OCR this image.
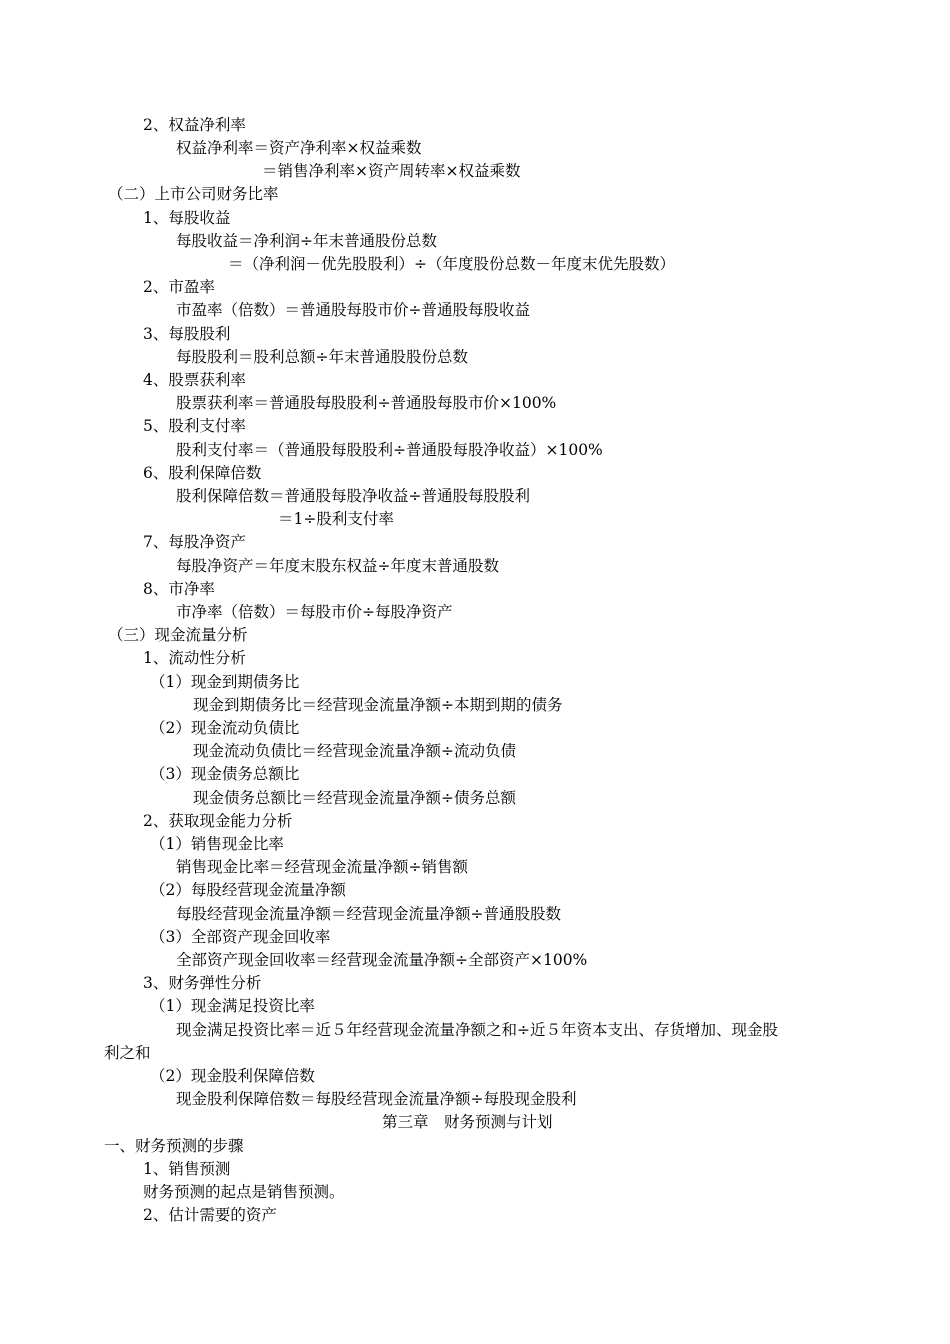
2、权益净利率
权益净利率＝资产净利率×权益乘数
＝销售净利率×资产周转率×权益乘数
（二）上市公司财务比率
1、每股收益
每股收益＝净利润÷年末普通股份总数
＝（净利润－优先股股利）÷（年度股份总数－年度末优先股数）
2、市盈率
市盈率（倍数）＝普通股每股市价÷普通股每股收益
3、每股股利
每股股利＝股利总额÷年末普通股股份总数
4、股票获利率
股票获利率＝普通股每股股利÷普通股每股市价×100%
5、股利支付率
股利支付率＝（普通股每股股利÷普通股每股净收益）×100%
6、股利保障倍数
股利保障倍数＝普通股每股净收益÷普通股每股股利
＝1÷股利支付率
7、每股净资产
每股净资产＝年度末股东权益÷年度末普通股数
8、市净率
市净率（倍数）＝每股市价÷每股净资产
（三）现金流量分析
1、流动性分析
（1）现金到期债务比
现金到期债务比＝经营现金流量净额÷本期到期的债务
（2）现金流动负债比
现金流动负债比＝经营现金流量净额÷流动负债
（3）现金债务总额比
现金债务总额比＝经营现金流量净额÷债务总额
2、获取现金能力分析
（1）销售现金比率
销售现金比率＝经营现金流量净额÷销售额
（2）每股经营现金流量净额
每股经营现金流量净额＝经营现金流量净额÷普通股股数
（3）全部资产现金回收率
全部资产现金回收率＝经营现金流量净额÷全部资产×100%
3、财务弹性分析
（1）现金满足投资比率
现金满足投资比率＝近５年经营现金流量净额之和÷近５年资本支出、存货增加、现金股
利之和
（2）现金股利保障倍数
现金股利保障倍数＝每股经营现金流量净额÷每股现金股利
第三章　财务预测与计划
一、财务预测的步骤
1、销售预测
财务预测的起点是销售预测。
2、估计需要的资产
